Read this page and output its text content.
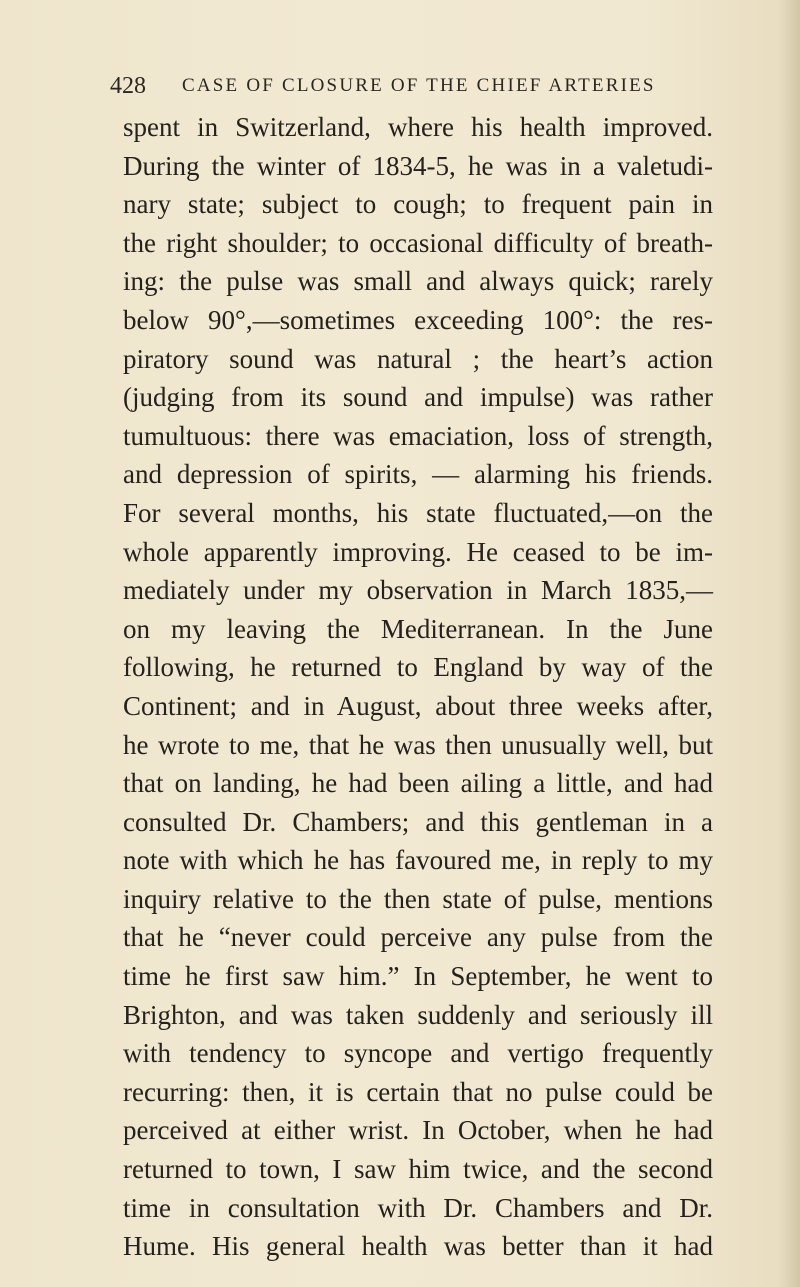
428 CASE OF CLOSURE OF THE CHIEF ARTERIES
spent in Switzerland, where his health improved.
During the winter of 1834-5, he was in a valetudi-
nary state; subject to cough; to frequent pain in
the right shoulder; to occasional difficulty of breath-
ing: the pulse was small and always quick; rarely
below 90°,—sometimes exceeding 100°: the res-
piratory sound was natural ; the heart’s action
(judging from its sound and impulse) was rather
tumultuous: there was emaciation, loss of strength,
and depression of spirits, — alarming his friends.
For several months, his state fluctuated,—on the
whole apparently improving. He ceased to be im-
mediately under my observation in March 1835,—
on my leaving the Mediterranean. In the June
following, he returned to England by way of the
Continent; and in August, about three weeks after,
he wrote to me, that he was then unusually well, but
that on landing, he had been ailing a little, and had
consulted Dr. Chambers; and this gentleman in a
note with which he has favoured me, in reply to my
inquiry relative to the then state of pulse, mentions
that he “never could perceive any pulse from the
time he first saw him.” In September, he went to
Brighton, and was taken suddenly and seriously ill
with tendency to syncope and vertigo frequently
recurring: then, it is certain that no pulse could be
perceived at either wrist. In October, when he had
returned to town, I saw him twice, and the second
time in consultation with Dr. Chambers and Dr.
Hume. His general health was better than it had
